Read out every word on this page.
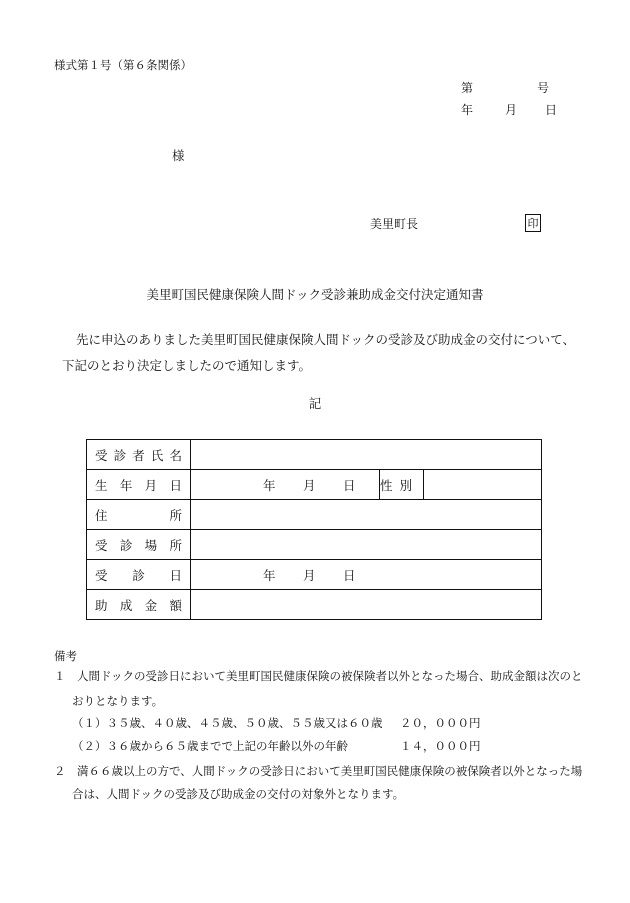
様式第１号（第６条関係）
第	号
年	月 日
様
美里町長	印
美里町国民健康保険人間ドック受診兼助成金交付決定通知書
先に申込のありました美里町国民健康保険人間ドックの受診及び助成金の交付について、下記のとおり決定しましたので通知します。
記
受 診 者 氏 名			

生 年 月 日	年 月 日	性 別	

住 所			

受 診 場 所			

受 診 日	年 月 日		

助 成 金 額			

備考
１　人間ドックの受診日において美里町国民健康保険の被保険者以外となった場合、助成金額は次のと
おりとなります。
（１）３５歳、４０歳、４５歳、５０歳、５５歳又は６０歳 ２０，０００円
（２）３６歳から６５歳までで上記の年齢以外の年齢	１４，０００円
２　満６６歳以上の方で、人間ドックの受診日において美里町国民健康保険の被保険者以外となった場
合は、人間ドックの受診及び助成金の交付の対象外となります。
